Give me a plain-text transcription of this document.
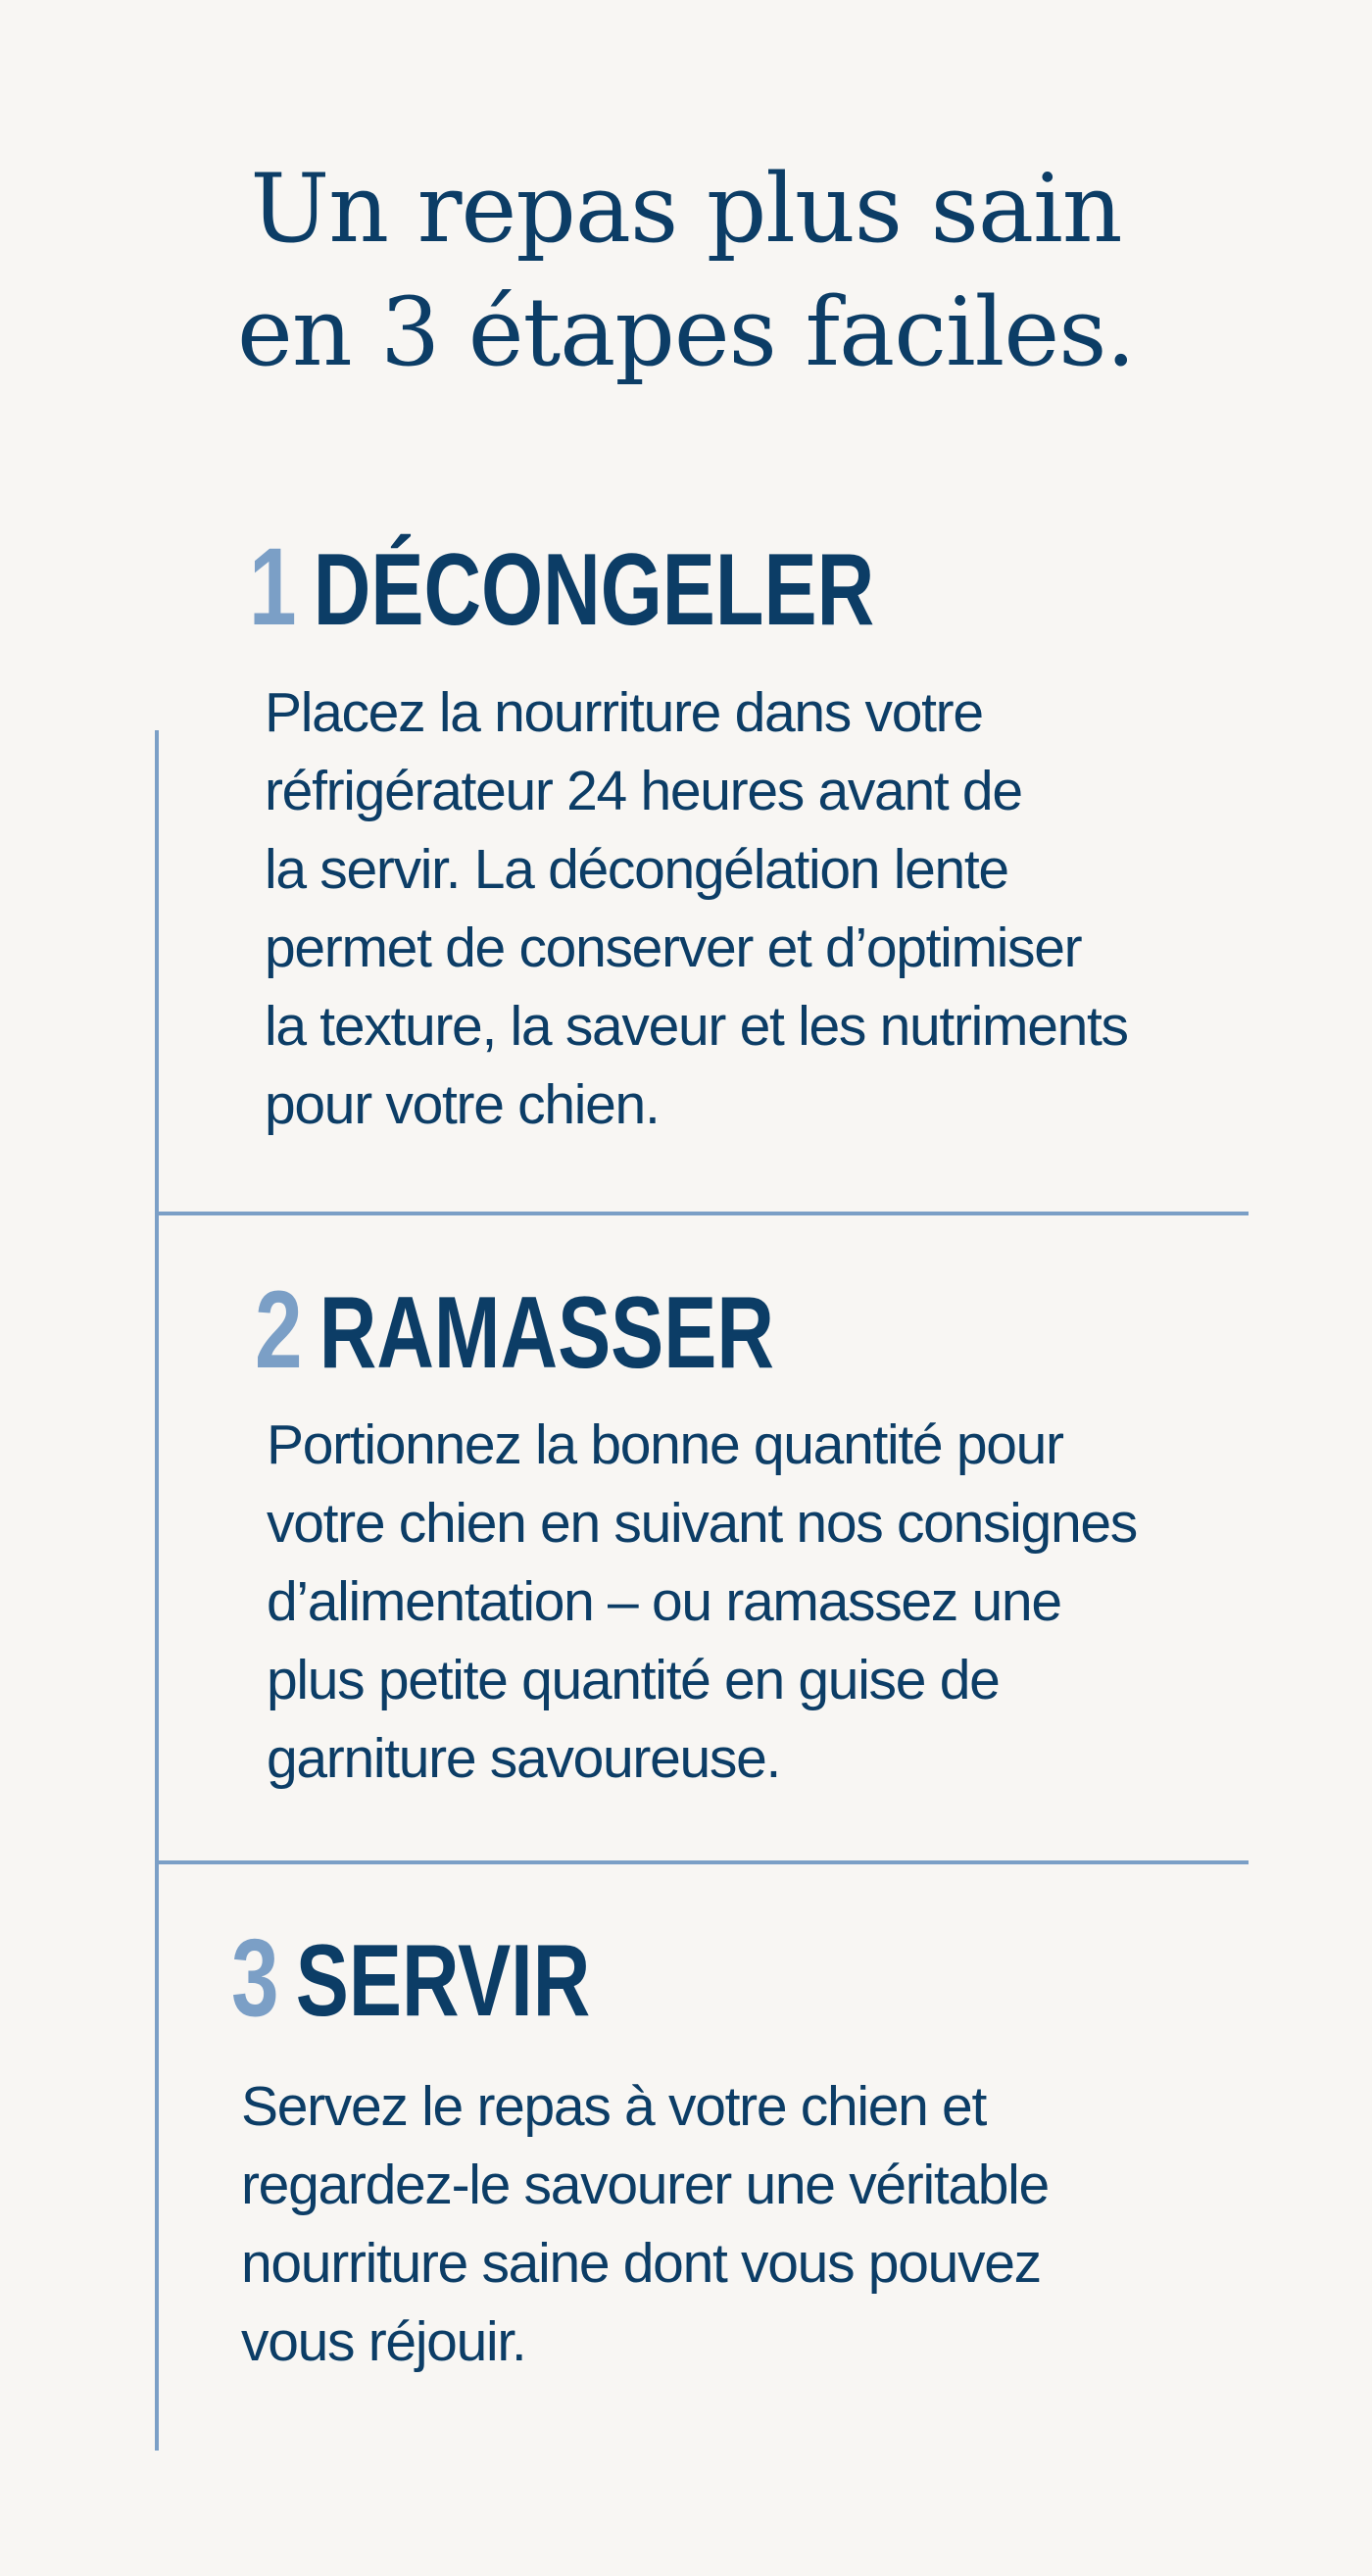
Un repas plus sain
en 3 étapes faciles.
1 DÉCONGELER

Placez la nourriture dans votre
réfrigérateur 24 heures avant de
la servir. La décongélation lente
permet de conserver et d’optimiser
la texture, la saveur et les nutriments
pour votre chien.

2 RAMASSER

Portionnez la bonne quantité pour
votre chien en suivant nos consignes
d’alimentation – ou ramassez une
plus petite quantité en guise de
garniture savoureuse.

3 SERVIR

Servez le repas à votre chien et
regardez-le savourer une véritable
nourriture saine dont vous pouvez
vous réjouir.
